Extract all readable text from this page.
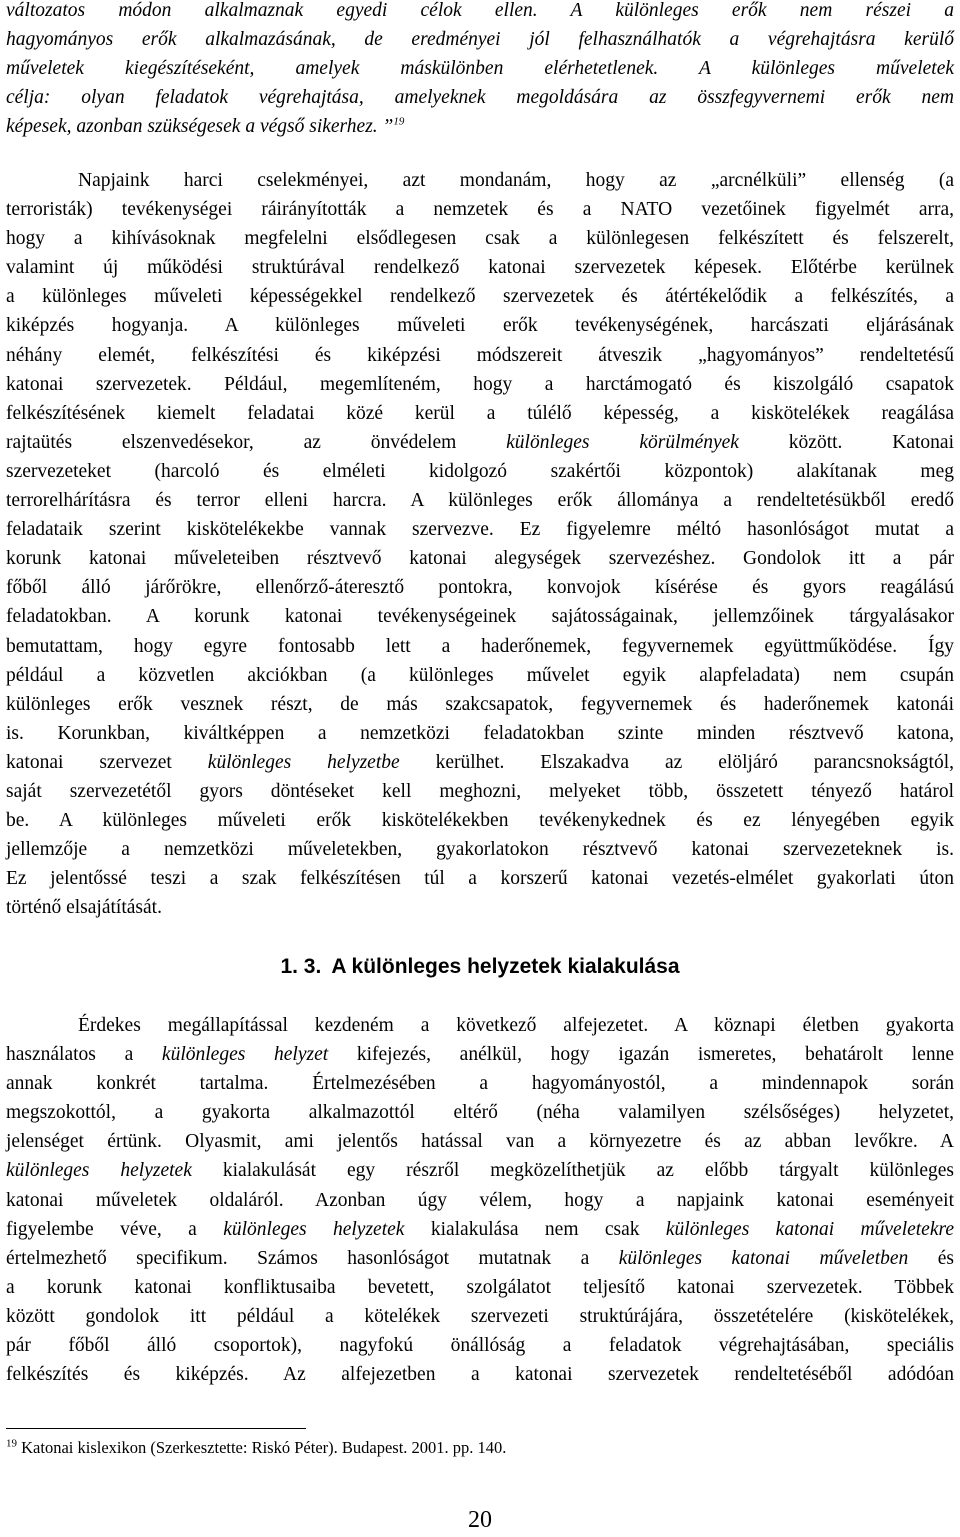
változatos módon alkalmaznak egyedi célok ellen. A különleges erők nem részei a
hagyományos erők alkalmazásának, de eredményei jól felhasználhatók a végrehajtásra kerülő
műveletek kiegészítéseként, amelyek máskülönben elérhetetlenek. A különleges műveletek
célja: olyan feladatok végrehajtása, amelyeknek megoldására az összfegyvernemi erők nem
képesek, azonban szükségesek a végső sikerhez. ”$^{19}$
Napjaink harci cselekményei, azt mondanám, hogy az „arcnélküli” ellenség (a
terroristák) tevékenységei ráirányították a nemzetek és a NATO vezetőinek figyelmét arra,
hogy a kihívásoknak megfelelni elsődlegesen csak a különlegesen felkészített és felszerelt,
valamint új működési struktúrával rendelkező katonai szervezetek képesek. Előtérbe kerülnek
a különleges műveleti képességekkel rendelkező szervezetek és átértékelődik a felkészítés, a
kiképzés hogyanja. A különleges műveleti erők tevékenységének, harcászati eljárásának
néhány elemét, felkészítési és kiképzési módszereit átveszik „hagyományos” rendeltetésű
katonai szervezetek. Például, megemlíteném, hogy a harctámogató és kiszolgáló csapatok
felkészítésének kiemelt feladatai közé kerül a túlélő képesség, a kiskötelékek reagálása
rajtaütés elszenvedésekor, az önvédelem különleges körülmények között. Katonai
szervezeteket (harcoló és elméleti kidolgozó szakértői központok) alakítanak meg
terrorelhárításra és terror elleni harcra. A különleges erők állománya a rendeltetésükből eredő
feladataik szerint kiskötelékekbe vannak szervezve. Ez figyelemre méltó hasonlóságot mutat a
korunk katonai műveleteiben résztvevő katonai alegységek szervezéshez. Gondolok itt a pár
főből álló járőrökre, ellenőrző-áteresztő pontokra, konvojok kísérése és gyors reagálású
feladatokban. A korunk katonai tevékenységeinek sajátosságainak, jellemzőinek tárgyalásakor
bemutattam, hogy egyre fontosabb lett a haderőnemek, fegyvernemek együttműködése. Így
például a közvetlen akciókban (a különleges művelet egyik alapfeladata) nem csupán
különleges erők vesznek részt, de más szakcsapatok, fegyvernemek és haderőnemek katonái
is. Korunkban, kiváltképpen a nemzetközi feladatokban szinte minden résztvevő katona,
katonai szervezet különleges helyzetbe kerülhet. Elszakadva az elöljáró parancsnokságtól,
saját szervezetétől gyors döntéseket kell meghozni, melyeket több, összetett tényező határol
be. A különleges műveleti erők kiskötelékekben tevékenykednek és ez lényegében egyik
jellemzője a nemzetközi műveletekben, gyakorlatokon résztvevő katonai szervezeteknek is.
Ez jelentőssé teszi a szak felkészítésen túl a korszerű katonai vezetés-elmélet gyakorlati úton
történő elsajátítását.
1. 3. A különleges helyzetek kialakulása
Érdekes megállapítással kezdeném a következő alfejezetet. A köznapi életben gyakorta
használatos a különleges helyzet kifejezés, anélkül, hogy igazán ismeretes, behatárolt lenne
annak konkrét tartalma. Értelmezésében a hagyományostól, a mindennapok során
megszokottól, a gyakorta alkalmazottól eltérő (néha valamilyen szélsőséges) helyzetet,
jelenséget értünk. Olyasmit, ami jelentős hatással van a környezetre és az abban levőkre. A
különleges helyzetek kialakulását egy részről megközelíthetjük az előbb tárgyalt különleges
katonai műveletek oldaláról. Azonban úgy vélem, hogy a napjaink katonai eseményeit
figyelembe véve, a különleges helyzetek kialakulása nem csak különleges katonai műveletekre
értelmezhető specifikum. Számos hasonlóságot mutatnak a különleges katonai műveletben és
a korunk katonai konfliktusaiba bevetett, szolgálatot teljesítő katonai szervezetek. Többek
között gondolok itt például a kötelékek szervezeti struktúrájára, összetételére (kiskötelékek,
pár főből álló csoportok), nagyfokú önállóság a feladatok végrehajtásában, speciális
felkészítés és kiképzés. Az alfejezetben a katonai szervezetek rendeltetéséből adódóan
$^{19}$ Katonai kislexikon (Szerkesztette: Riskó Péter). Budapest. 2001. pp. 140.
20
